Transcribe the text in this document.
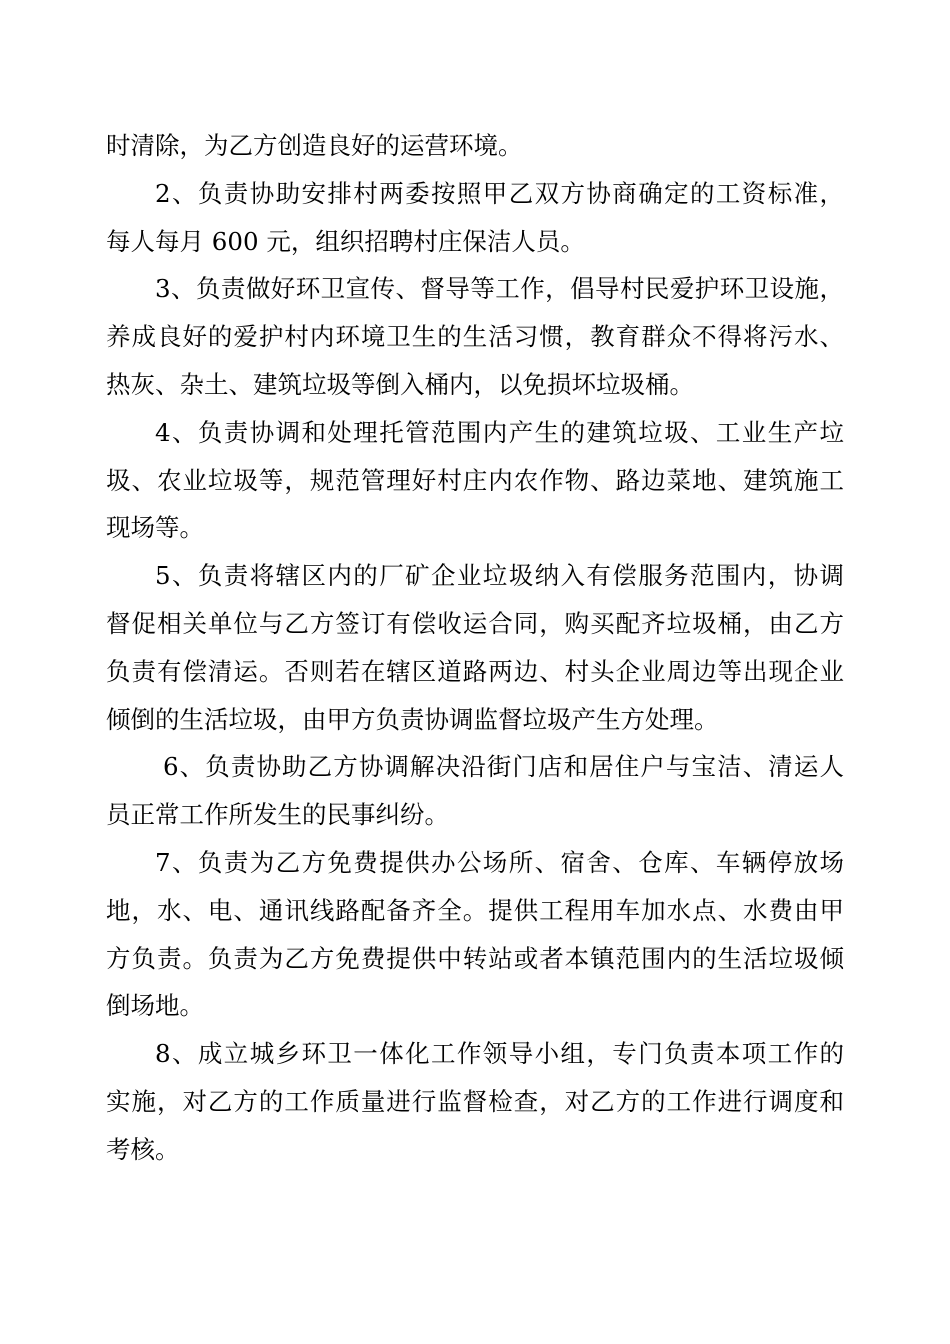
时清除，为乙方创造良好的运营环境。

2、负责协助安排村两委按照甲乙双方协商确定的工资标准，
每人每月 600 元，组织招聘村庄保洁人员。

3、负责做好环卫宣传、督导等工作，倡导村民爱护环卫设施，
养成良好的爱护村内环境卫生的生活习惯，教育群众不得将污水、
热灰、杂土、建筑垃圾等倒入桶内，以免损坏垃圾桶。

4、负责协调和处理托管范围内产生的建筑垃圾、工业生产垃
圾、农业垃圾等，规范管理好村庄内农作物、路边菜地、建筑施工
现场等。

5、负责将辖区内的厂矿企业垃圾纳入有偿服务范围内，协调
督促相关单位与乙方签订有偿收运合同，购买配齐垃圾桶，由乙方
负责有偿清运。否则若在辖区道路两边、村头企业周边等出现企业
倾倒的生活垃圾，由甲方负责协调监督垃圾产生方处理。

6、负责协助乙方协调解决沿街门店和居住户与宝洁、清运人
员正常工作所发生的民事纠纷。

7、负责为乙方免费提供办公场所、宿舍、仓库、车辆停放场
地，水、电、通讯线路配备齐全。提供工程用车加水点、水费由甲
方负责。负责为乙方免费提供中转站或者本镇范围内的生活垃圾倾
倒场地。

8、成立城乡环卫一体化工作领导小组，专门负责本项工作的
实施，对乙方的工作质量进行监督检查，对乙方的工作进行调度和
考核。
